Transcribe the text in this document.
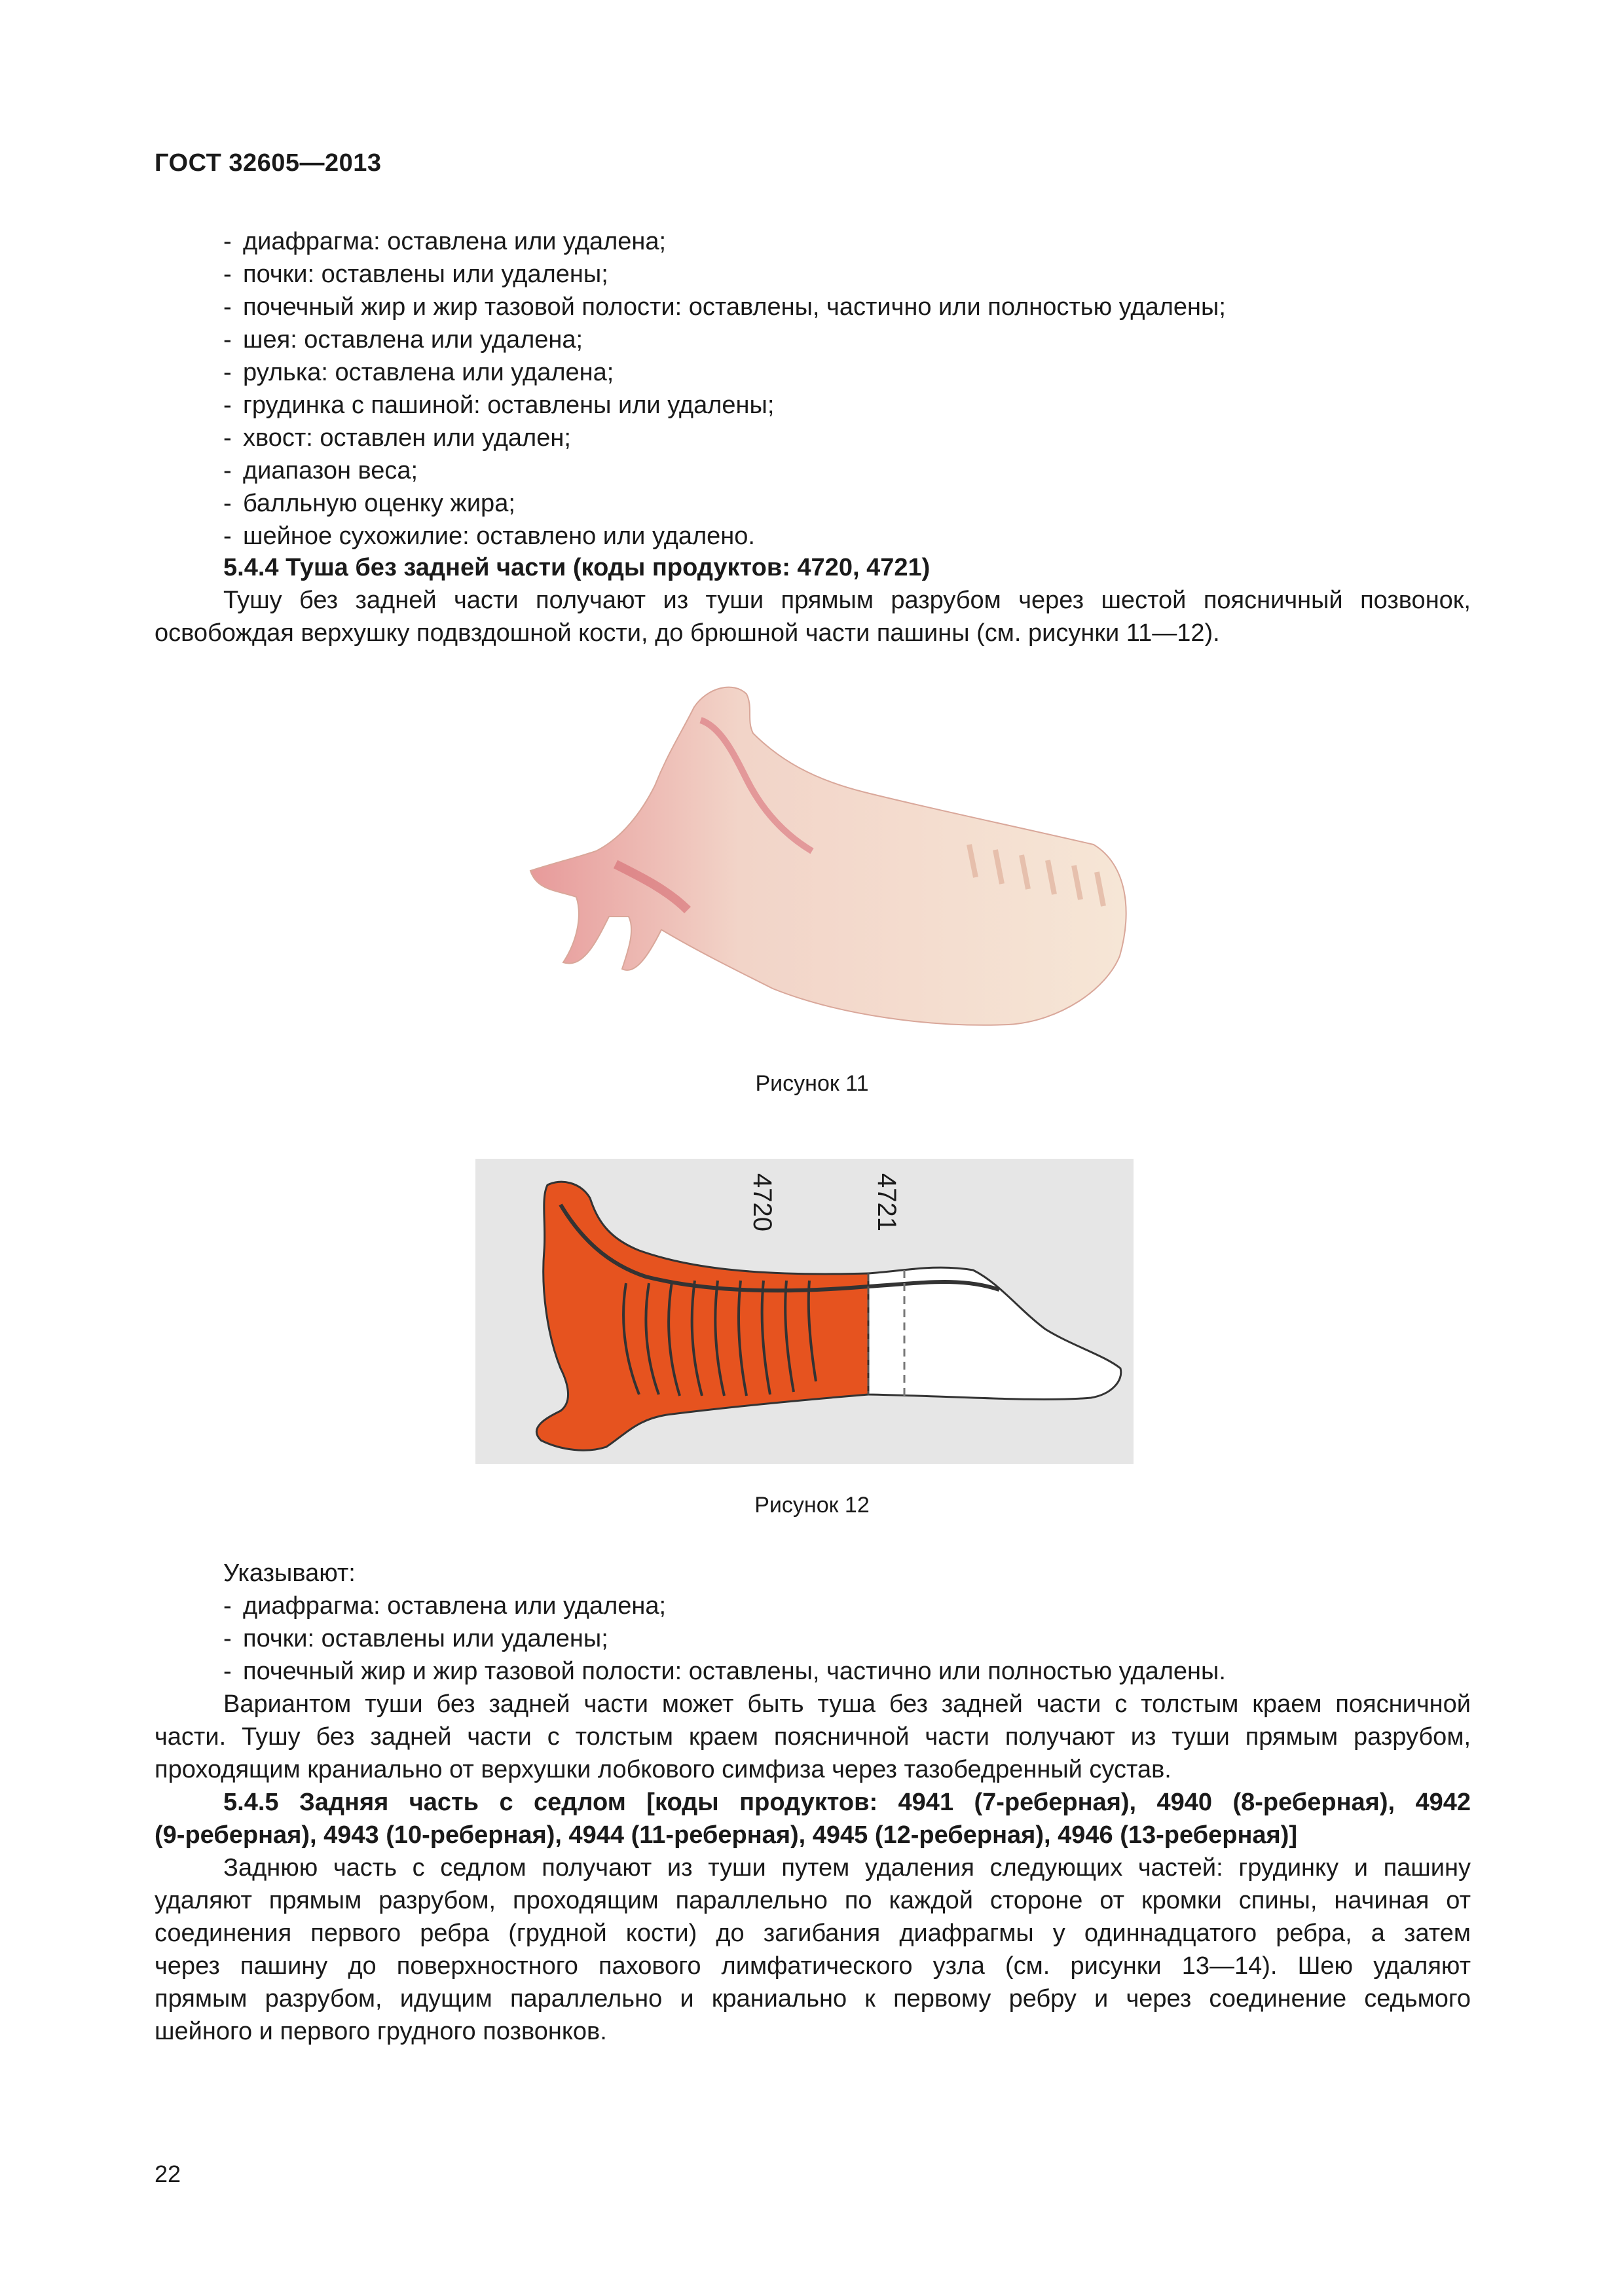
ГОСТ 32605—2013
- диафрагма: оставлена или удалена;
- почки: оставлены или удалены;
- почечный жир и жир тазовой полости: оставлены, частично или полностью удалены;
- шея: оставлена или удалена;
- рулька: оставлена или удалена;
- грудинка с пашиной: оставлены или удалены;
- хвост: оставлен или удален;
- диапазон веса;
- балльную оценку жира;
- шейное сухожилие: оставлено или удалено.
5.4.4 Туша без задней части (коды продуктов: 4720, 4721)
Тушу без задней части получают из туши прямым разрубом через шестой поясничный позвонок,
освобождая верхушку подвздошной кости, до брюшной части пашины (см. рисунки 11—12).
Рисунок 11
4720	4721
Рисунок 12
Указывают:
- диафрагма: оставлена или удалена;
- почки: оставлены или удалены;
- почечный жир и жир тазовой полости: оставлены, частично или полностью удалены.
Вариантом туши без задней части может быть туша без задней части с толстым краем поясничной
части. Тушу без задней части с толстым краем поясничной части получают из туши прямым разрубом,
проходящим краниально от верхушки лобкового симфиза через тазобедренный сустав.
5.4.5 Задняя часть с седлом [коды продуктов: 4941 (7-реберная), 4940 (8-реберная), 4942
(9-реберная), 4943 (10-реберная), 4944 (11-реберная), 4945 (12-реберная), 4946 (13-реберная)]
Заднюю часть с седлом получают из туши путем удаления следующих частей: грудинку и пашину
удаляют прямым разрубом, проходящим параллельно по каждой стороне от кромки спины, начиная от
соединения первого ребра (грудной кости) до загибания диафрагмы у одиннадцатого ребра, а затем
через пашину до поверхностного пахового лимфатического узла (см. рисунки 13—14). Шею удаляют
прямым разрубом, идущим параллельно и краниально к первому ребру и через соединение седьмого
шейного и первого грудного позвонков.
22
